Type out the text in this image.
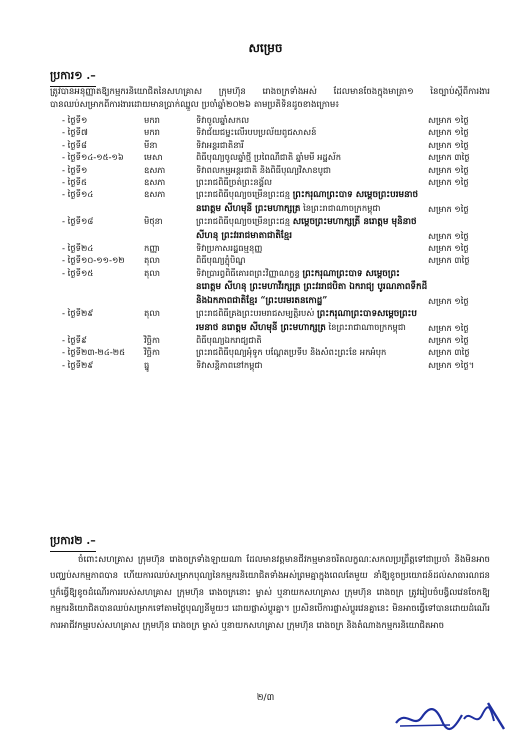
សម្រេច
ប្រការ១ .–
ត្រូវបានអនុញ្ញាតឱ្យកម្មករនិយោជិតនៃសហគ្រាស ក្រុមហ៊ុន រោងចក្រទាំងអស់ ដែលមានចែងក្នុងមាត្រា១ នៃច្បាប់ស្តីពីការងារ បានឈប់សម្រាកពីការងារដោយមានប្រាក់ឈ្នួល ប្រចាំឆ្នាំ២០២៦ តាមប្រតិទិនដូចខាងក្រោម៖
- ថ្ងៃទី១	មករា	ទិវាចូលឆ្នាំសកល	សម្រាក ១ថ្ងៃ
- ថ្ងៃទី៧	មករា	ទិវាជ័យជម្នះលើរបបប្រល័យពូជសាសន៍	សម្រាក ១ថ្ងៃ
- ថ្ងៃទី៨	មីនា	ទិវាអន្តរជាតិនារី	សម្រាក ១ថ្ងៃ
- ថ្ងៃទី១៤-១៥-១៦	មេសា	ពិធីបុណ្យចូលឆ្នាំថ្មី ប្រពៃណីជាតិ ឆ្នាំមមី អដ្ឋស័ក	សម្រាក ៣ថ្ងៃ
- ថ្ងៃទី១	ឧសភា	ទិវាពលកម្មអន្តរជាតិ និងពិធីបុណ្យវិសាខបូជា	សម្រាក ១ថ្ងៃ
- ថ្ងៃទី៥	ឧសភា	ព្រះរាជពិធីច្រត់ព្រះនង្គ័ល	សម្រាក ១ថ្ងៃ
- ថ្ងៃទី១៤	ឧសភា	ព្រះរាជពិធីបុណ្យចម្រើនព្រះជន្ម ព្រះករុណាព្រះបាទ សម្តេចព្រះបរមនាថ នរោត្តម សីហមុនី ព្រះមហាក្សត្រ នៃព្រះរាជាណាចក្រកម្ពុជា	សម្រាក ១ថ្ងៃ
- ថ្ងៃទី១៨	មិថុនា	ព្រះរាជពិធីបុណ្យចម្រើនព្រះជន្ម សម្តេចព្រះមហាក្សត្រី នរោត្តម មុនិនាថ សីហនុ ព្រះវររាជមាតាជាតិខ្មែរ	សម្រាក ១ថ្ងៃ
- ថ្ងៃទី២៤	កញ្ញា	ទិវាប្រកាសរដ្ឋធម្មនុញ្ញ	សម្រាក ១ថ្ងៃ
- ថ្ងៃទី១០-១១-១២	តុលា	ពិធីបុណ្យភ្ជុំបិណ្ឌ	សម្រាក ៣ថ្ងៃ
- ថ្ងៃទី១៥	តុលា	ទិវាប្រារព្ធពិធីគោរពព្រះវិញ្ញាណក្ខន្ធ ព្រះករុណាព្រះបាទ សម្តេចព្រះ នរោត្តម សីហនុ ព្រះមហាវីរក្សត្រ ព្រះវររាជបិតា ឯករាជ្យ បូរណភាពទឹកដី និងឯកភាពជាតិខ្មែរ “ព្រះបរមរតនកោដ្ឋ”	សម្រាក ១ថ្ងៃ
- ថ្ងៃទី២៩	តុលា	ព្រះរាជពិធីគ្រងព្រះបរមរាជសម្បត្តិរបស់ ព្រះករុណាព្រះបាទសម្តេចព្រះបរមនាថ នរោត្តម សីហមុនី ព្រះមហាក្សត្រ នៃព្រះរាជាណាចក្រកម្ពុជា	សម្រាក ១ថ្ងៃ
- ថ្ងៃទី៩	វិច្ឆិកា	ពិធីបុណ្យឯករាជ្យជាតិ	សម្រាក ១ថ្ងៃ
- ថ្ងៃទី២៣-២៤-២៥	វិច្ឆិកា	ព្រះរាជពិធីបុណ្យអុំទូក បណ្តែតប្រទីប និងសំពះព្រះខែ អកអំបុក	សម្រាក ៣ថ្ងៃ
- ថ្ងៃទី២៩	ធ្នូ	ទិវាសន្តិភាពនៅកម្ពុជា	សម្រាក ១ថ្ងៃ។
ប្រការ២ .–
ចំពោះសហគ្រាស ក្រុមហ៊ុន រោងចក្រទាំងឡាយណា ដែលមានវត្តមានជីវកម្មមានចរិតលក្ខណៈសកលប្រព្រឹត្តទៅជាប្រចាំ និងមិនអាចបញ្ឈប់សកម្មភាពបាន ហើយការឈប់សម្រាកបុណ្យនៃកម្មករនិយោជិតទាំងអស់ព្រមគ្នាក្នុងពេលតែមួយ នាំឱ្យខូចប្រយោជន៍ដល់សាធារណជន ឬក៏ធ្វើឱ្យខូចដំណើរការរបស់សហគ្រាស ក្រុមហ៊ុន រោងចក្រនោះ ម្ចាស់ ឬនាយកសហគ្រាស ក្រុមហ៊ុន រោងចក្រ ត្រូវរៀបចំបង្វិលវេនចែកឱ្យកម្មករនិយោជិតបានឈប់សម្រាកទៅតាមថ្ងៃបុណ្យនីមួយៗ ដោយផ្លាស់ប្តូរគ្នា។ ប្រសិនបើការផ្លាស់ប្តូរវេនគ្នានេះ មិនអាចធ្វើទៅបានដោយដំណើរការអាជីវកម្មរបស់សហគ្រាស ក្រុមហ៊ុន រោងចក្រ ម្ចាស់ ឬនាយកសហគ្រាស ក្រុមហ៊ុន រោងចក្រ និងតំណាងកម្មករនិយោជិតអាច
២/៣
